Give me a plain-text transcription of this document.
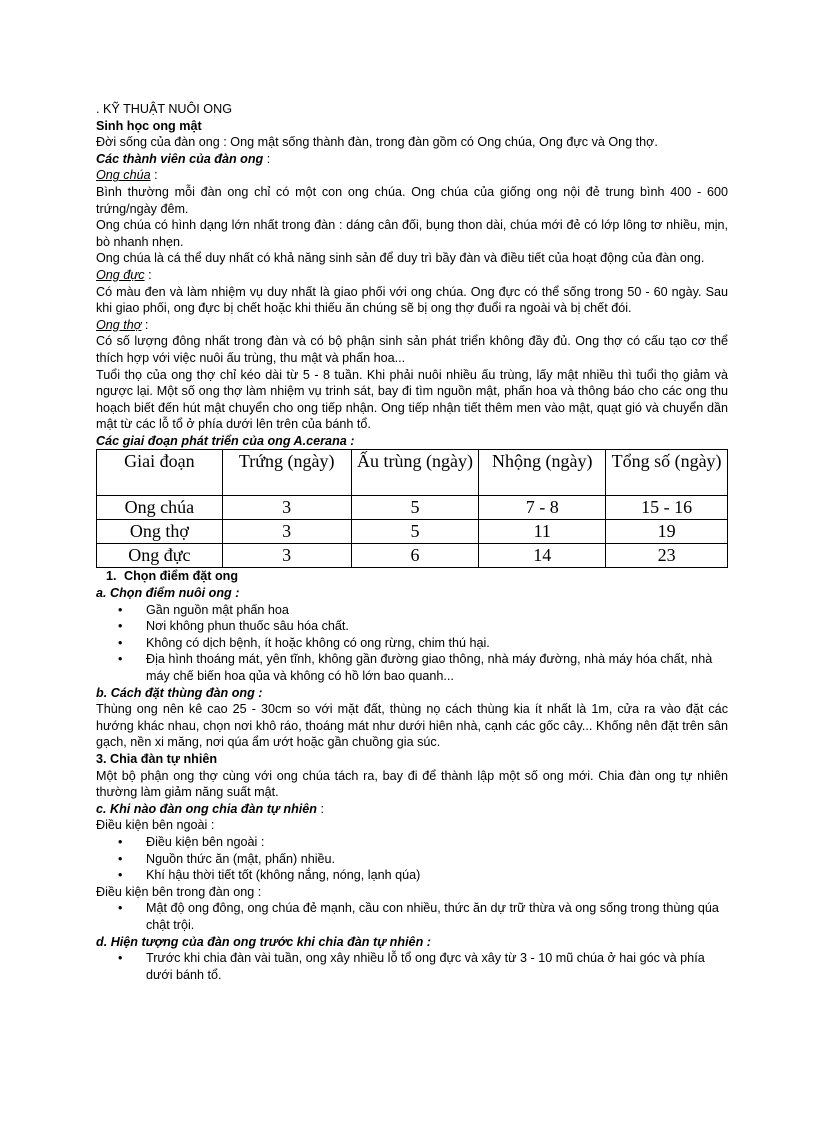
. KỸ THUẬT NUÔI ONG

Sinh học ong mật

Đời sống của đàn ong : Ong mật sống thành đàn, trong đàn gồm có Ong chúa, Ong đực và Ong thợ.

Các thành viên của đàn ong :

Ong chúa :

Bình thường mỗi đàn ong chỉ có một con ong chúa. Ong chúa của giống ong nội đẻ trung bình 400 - 600 trứng/ngày đêm.

Ong chúa có hình dạng lớn nhất trong đàn : dáng cân đối, bụng thon dài, chúa mới đẻ có lớp lông tơ nhiều, mịn, bò nhanh nhẹn.

Ong chúa là cá thể duy nhất có khả năng sinh sản để duy trì bầy đàn và điều tiết của hoạt động của đàn ong.

Ong đực :

Có màu đen và làm nhiệm vụ duy nhất là giao phối với ong chúa. Ong đực có thể sống trong 50 - 60 ngày. Sau khi giao phối, ong đực bị chết hoặc khi thiếu ăn chúng sẽ bị ong thợ đuổi ra ngoài và bị chết đói.

Ong thợ :

Có số lượng đông nhất trong đàn và có bộ phận sinh sản phát triển không đầy đủ. Ong thợ có cấu tạo cơ thể thích hợp với việc nuôi ấu trùng, thu mật và phấn hoa...

Tuổi thọ của ong thợ chỉ kéo dài từ 5 - 8 tuần. Khi phải nuôi nhiều ấu trùng, lấy mật nhiều thì tuổi thọ giảm và ngược lại. Một số ong thợ làm nhiệm vụ trinh sát, bay đi tìm nguồn mật, phấn hoa và thông báo cho các ong thu hoạch biết đến hút mật chuyển cho ong tiếp nhận. Ong tiếp nhận tiết thêm men vào mật, quạt gió và chuyển dần mật từ các lỗ tổ ở phía dưới lên trên của bánh tổ.

Các giai đoạn phát triển của ong A.cerana :

Giai đoạn	Trứng (ngày)	Ấu trùng (ngày)	Nhộng (ngày)	Tổng số (ngày)
Ong chúa	3	5	7 - 8	15 - 16
Ong thợ	3	5	11	19
Ong đực	3	6	14	23
1. Chọn điểm đặt ong

a. Chọn điểm nuôi ong :

• Gần nguồn mật phấn hoa
• Nơi không phun thuốc sâu hóa chất.
• Không có dịch bệnh, ít hoặc không có ong rừng, chim thú hại.
• Địa hình thoáng mát, yên tĩnh, không gần đường giao thông, nhà máy đường, nhà máy hóa chất, nhà máy chế biến hoa qủa và không có hồ lớn bao quanh...

b. Cách đặt thùng đàn ong :

Thùng ong nên kê cao 25 - 30cm so với mặt đất, thùng nọ cách thùng kia ít nhất là 1m, cửa ra vào đặt các hướng khác nhau, chọn nơi khô ráo, thoáng mát như dưới hiên nhà, cạnh các gốc cây... Khống nên đặt trên sân gạch, nền xi măng, nơi qúa ẩm ướt hoặc gần chuồng gia súc.

3. Chia đàn tự nhiên

Một bộ phận ong thợ cùng với ong chúa tách ra, bay đi để thành lập một số ong mới. Chia đàn ong tự nhiên thường làm giảm năng suất mật.

c. Khi nào đàn ong chia đàn tự nhiên :

Điều kiện bên ngoài :

• Điều kiện bên ngoài :
• Nguồn thức ăn (mật, phấn) nhiều.
• Khí hậu thời tiết tốt (không nắng, nóng, lạnh qúa)

Điều kiện bên trong đàn ong :

• Mật độ ong đông, ong chúa đẻ mạnh, cầu con nhiều, thức ăn dự trữ thừa và ong sống trong thùng qúa chật trội.

d. Hiện tượng của đàn ong trước khi chia đàn tự nhiên :

• Trước khi chia đàn vài tuần, ong xây nhiều lỗ tổ ong đực và xây từ 3 - 10 mũ chúa ở hai góc và phía dưới bánh tổ.
